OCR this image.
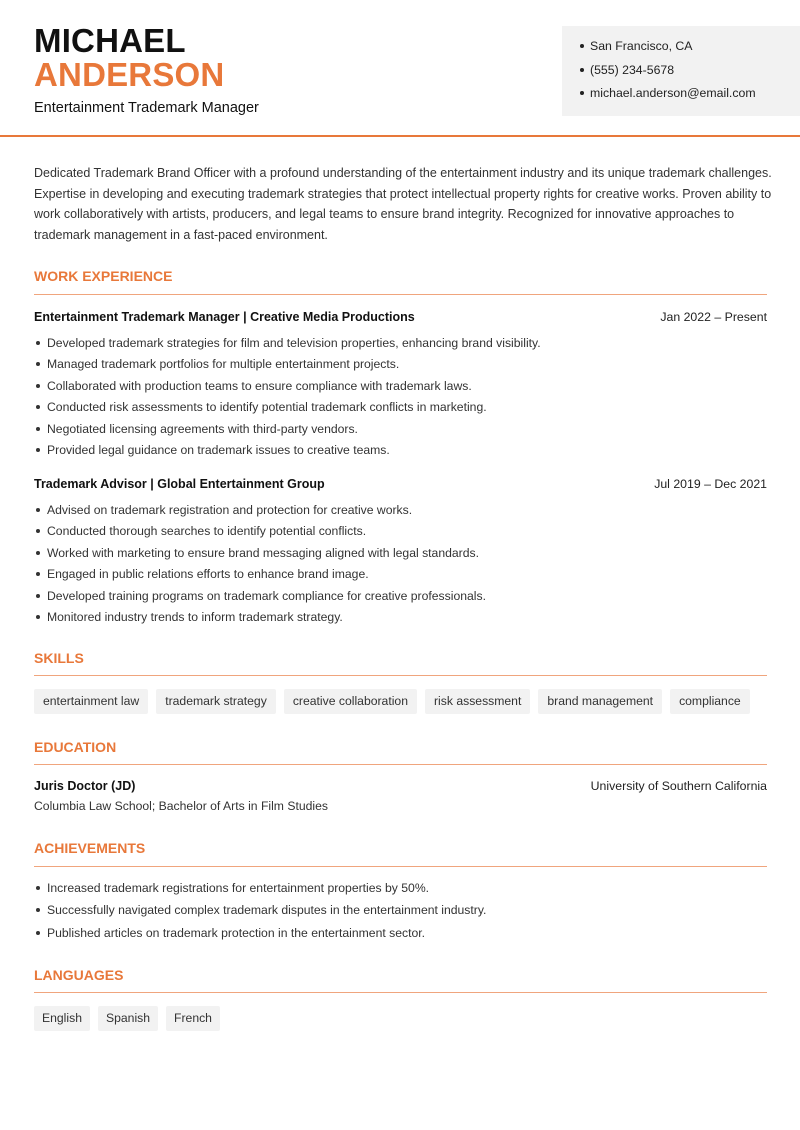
MICHAEL
ANDERSON
Entertainment Trademark Manager
San Francisco, CA
(555) 234-5678
michael.anderson@email.com

Dedicated Trademark Brand Officer with a profound understanding of the entertainment industry and its unique trademark challenges. Expertise in developing and executing trademark strategies that protect intellectual property rights for creative works. Proven ability to work collaboratively with artists, producers, and legal teams to ensure brand integrity. Recognized for innovative approaches to trademark management in a fast-paced environment.

WORK EXPERIENCE
Entertainment Trademark Manager | Creative Media Productions	Jan 2022 – Present
Developed trademark strategies for film and television properties, enhancing brand visibility.
Managed trademark portfolios for multiple entertainment projects.
Collaborated with production teams to ensure compliance with trademark laws.
Conducted risk assessments to identify potential trademark conflicts in marketing.
Negotiated licensing agreements with third-party vendors.
Provided legal guidance on trademark issues to creative teams.
Trademark Advisor | Global Entertainment Group	Jul 2019 – Dec 2021
Advised on trademark registration and protection for creative works.
Conducted thorough searches to identify potential conflicts.
Worked with marketing to ensure brand messaging aligned with legal standards.
Engaged in public relations efforts to enhance brand image.
Developed training programs on trademark compliance for creative professionals.
Monitored industry trends to inform trademark strategy.
SKILLS
entertainment law	trademark strategy	creative collaboration	risk assessment	brand management	compliance
EDUCATION
Juris Doctor (JD)	University of Southern California
Columbia Law School; Bachelor of Arts in Film Studies
ACHIEVEMENTS
Increased trademark registrations for entertainment properties by 50%.
Successfully navigated complex trademark disputes in the entertainment industry.
Published articles on trademark protection in the entertainment sector.
LANGUAGES
English	Spanish	French
